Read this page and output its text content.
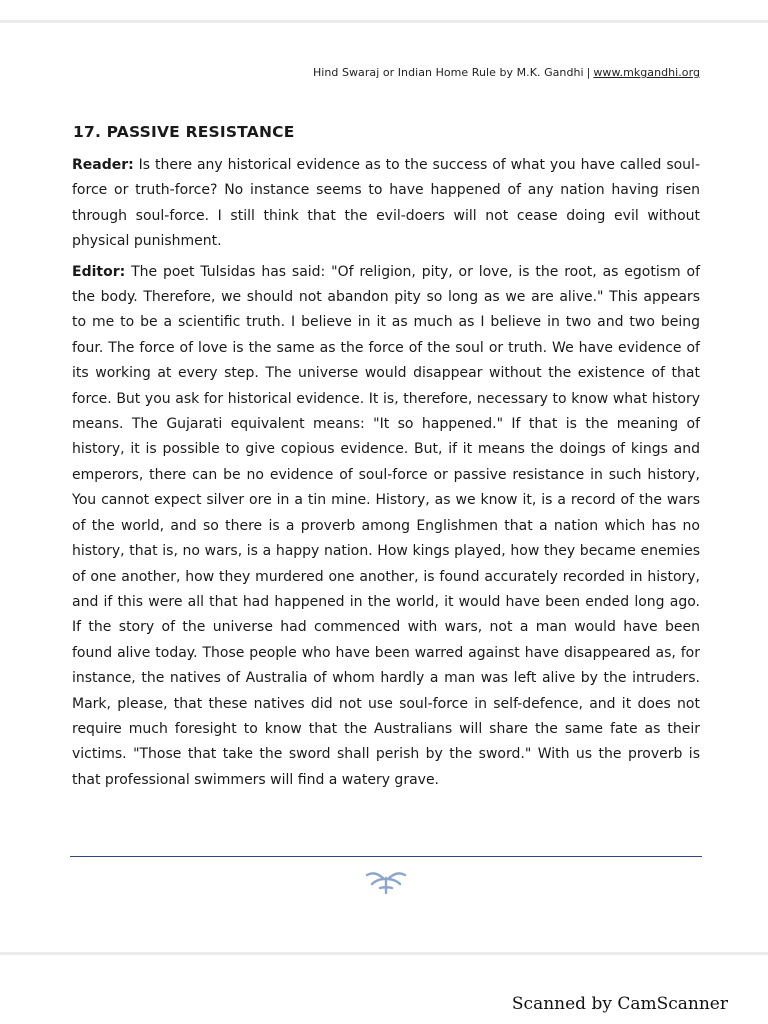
Hind Swaraj or Indian Home Rule by M.K. Gandhi | www.mkgandhi.org
17. PASSIVE RESISTANCE

Reader: Is there any historical evidence as to the success of what you have called soul-force or truth-force? No instance seems to have happened of any nation having risen through soul-force. I still think that the evil-doers will not cease doing evil without physical punishment.

Editor: The poet Tulsidas has said: "Of religion, pity, or love, is the root, as egotism of the body. Therefore, we should not abandon pity so long as we are alive." This appears to me to be a scientific truth. I believe in it as much as I believe in two and two being four. The force of love is the same as the force of the soul or truth. We have evidence of its working at every step. The universe would disappear without the existence of that force. But you ask for historical evidence. It is, therefore, necessary to know what history means. The Gujarati equivalent means: "It so happened." If that is the meaning of history, it is possible to give copious evidence. But, if it means the doings of kings and emperors, there can be no evidence of soul-force or passive resistance in such history, You cannot expect silver ore in a tin mine. History, as we know it, is a record of the wars of the world, and so there is a proverb among Englishmen that a nation which has no history, that is, no wars, is a happy nation. How kings played, how they became enemies of one another, how they murdered one another, is found accurately recorded in history, and if this were all that had happened in the world, it would have been ended long ago. If the story of the universe had commenced with wars, not a man would have been found alive today. Those people who have been warred against have disappeared as, for instance, the natives of Australia of whom hardly a man was left alive by the intruders. Mark, please, that these natives did not use soul-force in self-defence, and it does not require much foresight to know that the Australians will share the same fate as their victims. "Those that take the sword shall perish by the sword." With us the proverb is that professional swimmers will find a watery grave.

Scanned by CamScanner
